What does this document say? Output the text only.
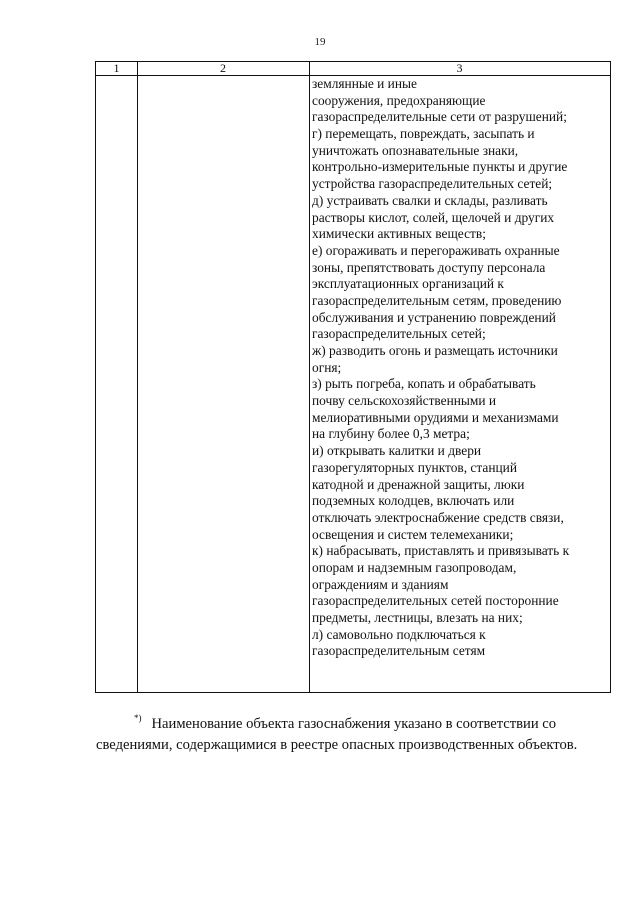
19
1	2	3
землянные и иные
сооружения, предохраняющие
газораспределительные сети от разрушений;
г) перемещать, повреждать, засыпать и
уничтожать опознавательные знаки,
контрольно-измерительные пункты и другие
устройства газораспределительных сетей;
д) устраивать свалки и склады, разливать
растворы кислот, солей, щелочей и других
химически активных веществ;
е) огораживать и перегораживать охранные
зоны, препятствовать доступу персонала
эксплуатационных организаций к
газораспределительным сетям, проведению
обслуживания и устранению повреждений
газораспределительных сетей;
ж) разводить огонь и размещать источники
огня;
з) рыть погреба, копать и обрабатывать
почву сельскохозяйственными и
мелиоративными орудиями и механизмами
на глубину более 0,3 метра;
и) открывать калитки и двери
газорегуляторных пунктов, станций
катодной и дренажной защиты, люки
подземных колодцев, включать или
отключать электроснабжение средств связи,
освещения и систем телемеханики;
к) набрасывать, приставлять и привязывать к
опорам и надземным газопроводам,
ограждениям и зданиям
газораспределительных сетей посторонние
предметы, лестницы, влезать на них;
л) самовольно подключаться к
газораспределительным сетям
*) Наименование объекта газоснабжения указано в соответствии со
сведениями, содержащимися в реестре опасных производственных объектов.
